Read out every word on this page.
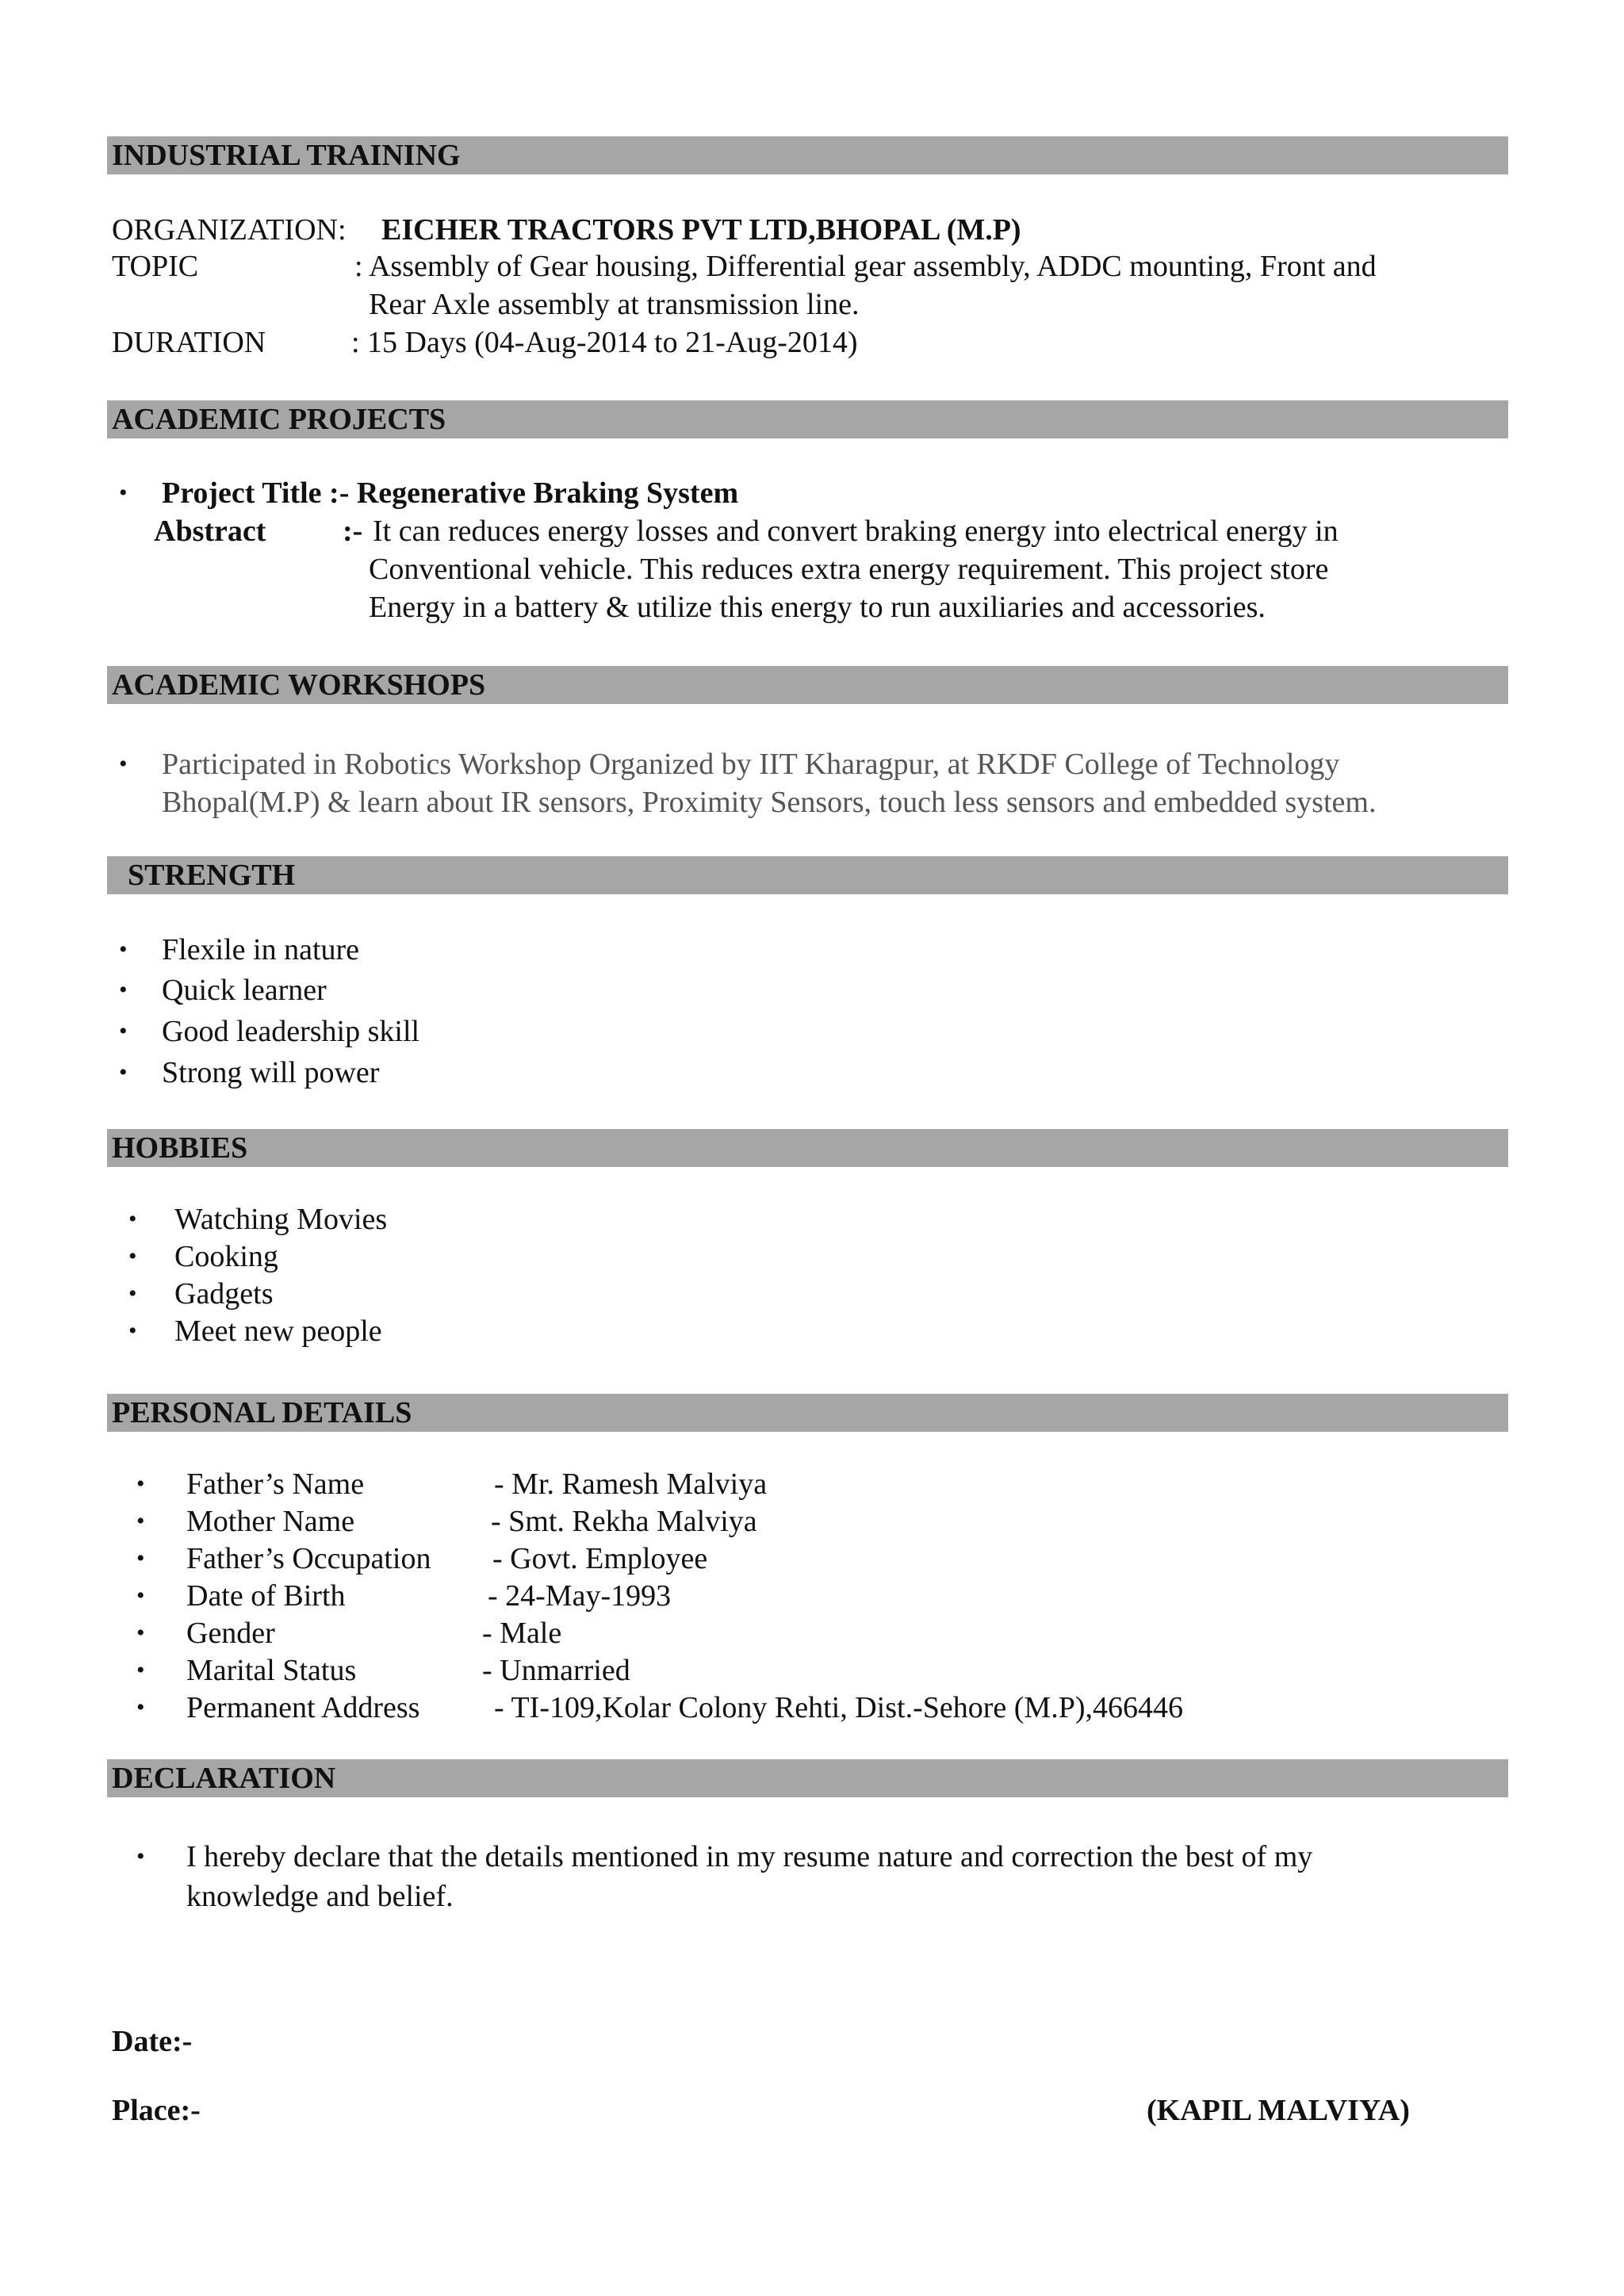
INDUSTRIAL TRAINING
ORGANIZATION: EICHER TRACTORS PVT LTD,BHOPAL (M.P)
TOPIC	: Assembly of Gear housing, Differential gear assembly, ADDC mounting, Front and
Rear Axle assembly at transmission line.
DURATION	: 15 Days (04-Aug-2014 to 21-Aug-2014)
ACADEMIC PROJECTS
• Project Title :- Regenerative Braking System
Abstract	:- It can reduces energy losses and convert braking energy into electrical energy in
Conventional vehicle. This reduces extra energy requirement. This project store
Energy in a battery & utilize this energy to run auxiliaries and accessories.
ACADEMIC WORKSHOPS
• Participated in Robotics Workshop Organized by IIT Kharagpur, at RKDF College of Technology
Bhopal(M.P) & learn about IR sensors, Proximity Sensors, touch less sensors and embedded system.
STRENGTH
• Flexile in nature
• Quick learner
• Good leadership skill
• Strong will power
HOBBIES
• Watching Movies
• Cooking
• Gadgets
• Meet new people
PERSONAL DETAILS
• Father’s Name	- Mr. Ramesh Malviya
• Mother Name	- Smt. Rekha Malviya
• Father’s Occupation - Govt. Employee
• Date of Birth	- 24-May-1993
• Gender	- Male
• Marital Status	- Unmarried
• Permanent Address - TI-109,Kolar Colony Rehti, Dist.-Sehore (M.P),466446
DECLARATION
• I hereby declare that the details mentioned in my resume nature and correction the best of my
knowledge and belief.
Date:-
Place:-	(KAPIL MALVIYA)
